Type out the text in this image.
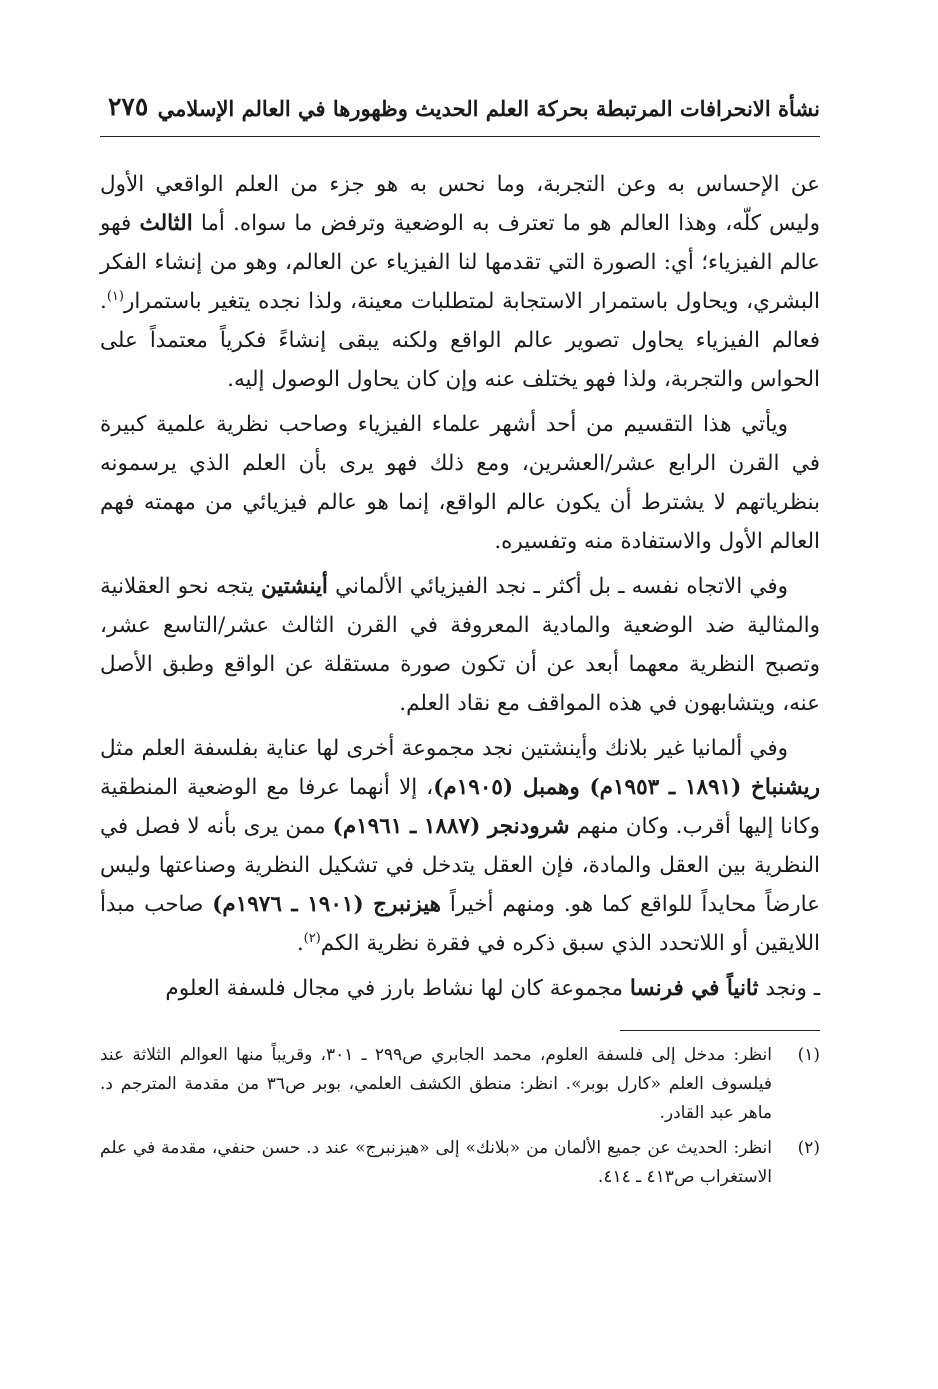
نشأة الانحرافات المرتبطة بحركة العلم الحديث وظهورها في العالم الإسلامي
٢٧٥

عن الإحساس به وعن التجربة، وما نحس به هو جزء من العلم الواقعي الأول وليس كلّه، وهذا العالم هو ما تعترف به الوضعية وترفض ما سواه. أما الثالث فهو عالم الفيزياء؛ أي: الصورة التي تقدمها لنا الفيزياء عن العالم، وهو من إنشاء الفكر البشري، ويحاول باستمرار الاستجابة لمتطلبات معينة، ولذا نجده يتغير باستمرار$^{(١)}$. فعالم الفيزياء يحاول تصوير عالم الواقع ولكنه يبقى إنشاءً فكرياً معتمداً على الحواس والتجربة، ولذا فهو يختلف عنه وإن كان يحاول الوصول إليه.

ويأتي هذا التقسيم من أحد أشهر علماء الفيزياء وصاحب نظرية علمية كبيرة في القرن الرابع عشر/العشرين، ومع ذلك فهو يرى بأن العلم الذي يرسمونه بنظرياتهم لا يشترط أن يكون عالم الواقع، إنما هو عالم فيزيائي من مهمته فهم العالم الأول والاستفادة منه وتفسيره.

وفي الاتجاه نفسه ـ بل أكثر ـ نجد الفيزيائي الألماني أينشتين يتجه نحو العقلانية والمثالية ضد الوضعية والمادية المعروفة في القرن الثالث عشر/التاسع عشر، وتصبح النظرية معهما أبعد عن أن تكون صورة مستقلة عن الواقع وطبق الأصل عنه، ويتشابهون في هذه المواقف مع نقاد العلم.

وفي ألمانيا غير بلانك وأينشتين نجد مجموعة أخرى لها عناية بفلسفة العلم مثل ريشنباخ (١٨٩١ ـ ١٩٥٣م) وهمبل (١٩٠٥م)، إلا أنهما عرفا مع الوضعية المنطقية وكانا إليها أقرب. وكان منهم شرودنجر (١٨٨٧ ـ ١٩٦١م) ممن يرى بأنه لا فصل في النظرية بين العقل والمادة، فإن العقل يتدخل في تشكيل النظرية وصناعتها وليس عارضاً محايداً للواقع كما هو. ومنهم أخيراً هيزنبرج (١٩٠١ ـ ١٩٧٦م) صاحب مبدأ اللايقين أو اللاتحدد الذي سبق ذكره في فقرة نظرية الكم$^{(٢)}$.

ـ ونجد ثانياً في فرنسا مجموعة كان لها نشاط بارز في مجال فلسفة العلوم

(١)
انظر: مدخل إلى فلسفة العلوم، محمد الجابري ص٢٩٩ ـ ٣٠١، وقريباً منها العوالم الثلاثة عند فيلسوف العلم «كارل بوبر». انظر: منطق الكشف العلمي، بوبر ص٣٦ من مقدمة المترجم د. ماهر عبد القادر.

(٢)
انظر: الحديث عن جميع الألمان من «بلانك» إلى «هيزنبرج» عند د. حسن حنفي، مقدمة في علم الاستغراب ص٤١٣ ـ ٤١٤.
